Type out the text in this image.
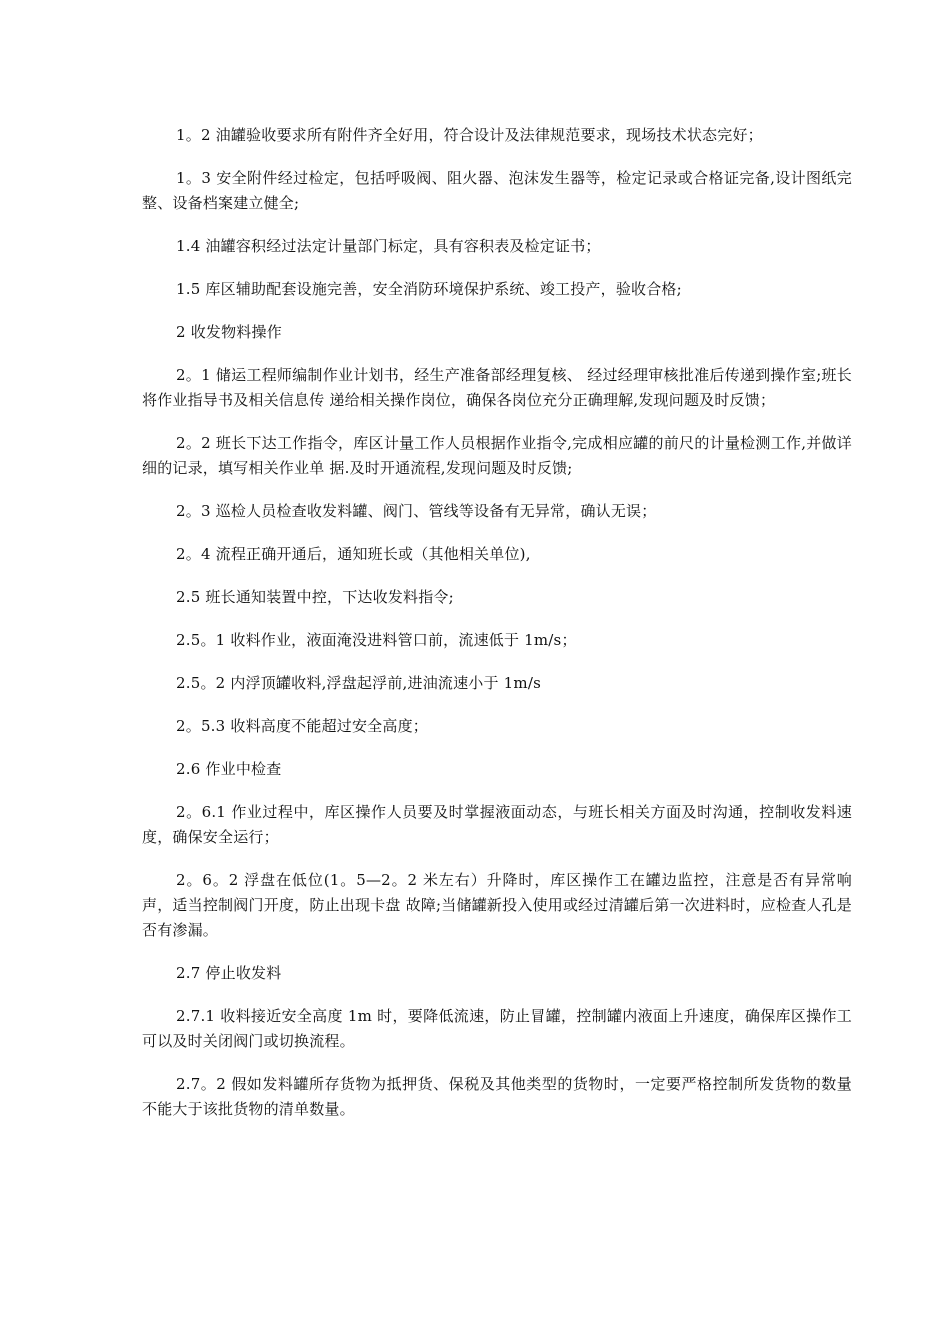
1。2 油罐验收要求所有附件齐全好用，符合设计及法律规范要求，现场技术状态完好；

1。3 安全附件经过检定，包括呼吸阀、阻火器、泡沫发生器等，检定记录或合格证完备,设计图纸完整、设备档案建立健全;

1.4 油罐容积经过法定计量部门标定，具有容积表及检定证书；

1.5 库区辅助配套设施完善，安全消防环境保护系统、竣工投产，验收合格;

2 收发物料操作

2。1 储运工程师编制作业计划书，经生产准备部经理复核、 经过经理审核批准后传递到操作室;班长将作业指导书及相关信息传 递给相关操作岗位，确保各岗位充分正确理解,发现问题及时反馈；

2。2 班长下达工作指令，库区计量工作人员根据作业指令,完成相应罐的前尺的计量检测工作,并做详细的记录，填写相关作业单 据.及时开通流程,发现问题及时反馈;

2。3 巡检人员检查收发料罐、阀门、管线等设备有无异常，确认无误；

2。4 流程正确开通后，通知班长或（其他相关单位),

2.5 班长通知装置中控，下达收发料指令;

2.5。1 收料作业，液面淹没进料管口前，流速低于 1m/s；

2.5。2 内浮顶罐收料,浮盘起浮前,进油流速小于 1m/s

2。5.3 收料高度不能超过安全高度；

2.6 作业中检查

2。6.1 作业过程中，库区操作人员要及时掌握液面动态，与班长相关方面及时沟通，控制收发料速度，确保安全运行；

2。6。2 浮盘在低位(1。5—2。2 米左右）升降时，库区操作工在罐边监控，注意是否有异常响声，适当控制阀门开度，防止出现卡盘 故障;当储罐新投入使用或经过清罐后第一次进料时，应检查人孔是否有渗漏。

2.7 停止收发料

2.7.1 收料接近安全高度 1m 时，要降低流速，防止冒罐，控制罐内液面上升速度，确保库区操作工可以及时关闭阀门或切换流程。

2.7。2 假如发料罐所存货物为抵押货、保税及其他类型的货物时，一定要严格控制所发货物的数量不能大于该批货物的清单数量。
